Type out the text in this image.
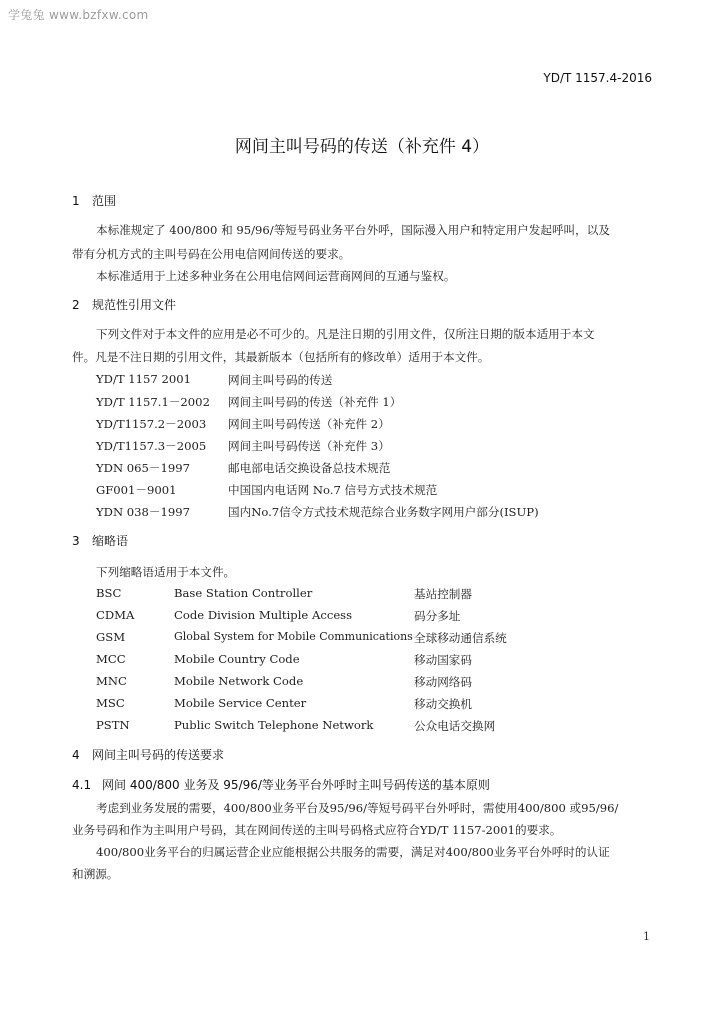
学兔兔 www.bzfxw.com
YD/T 1157.4-2016
网间主叫号码的传送（补充件 4）
1 范围
本标准规定了 400/800 和 95/96/等短号码业务平台外呼，国际漫入用户和特定用户发起呼叫，以及
带有分机方式的主叫号码在公用电信网间传送的要求。
本标准适用于上述多种业务在公用电信网间运营商网间的互通与鉴权。
2 规范性引用文件
下列文件对于本文件的应用是必不可少的。凡是注日期的引用文件，仅所注日期的版本适用于本文
件。凡是不注日期的引用文件，其最新版本（包括所有的修改单）适用于本文件。
YD/T 1157 2001	网间主叫号码的传送
YD/T 1157.1－2002 网间主叫号码的传送（补充件 1）
YD/T1157.2－2003 网间主叫号码传送（补充件 2）
YD/T1157.3－2005 网间主叫号码传送（补充件 3）
YDN 065－1997	邮电部电话交换设备总技术规范
GF001－9001	中国国内电话网 No.7 信号方式技术规范
YDN 038－1997	国内No.7信令方式技术规范综合业务数字网用户部分(ISUP)
3 缩略语
下列缩略语适用于本文件。
BSC	Base Station Controller	基站控制器
CDMA	Code Division Multiple Access	码分多址
GSM	Global System for Mobile Communications 全球移动通信系统
MCC	Mobile Country Code	移动国家码
MNC	Mobile Network Code	移动网络码
MSC	Mobile Service Center	移动交换机
PSTN	Public Switch Telephone Network	公众电话交换网
4 网间主叫号码的传送要求
4.1 网间 400/800 业务及 95/96/等业务平台外呼时主叫号码传送的基本原则
考虑到业务发展的需要，400/800业务平台及95/96/等短号码平台外呼时，需使用400/800 或95/96/
业务号码和作为主叫用户号码，其在网间传送的主叫号码格式应符合YD/T 1157-2001的要求。
400/800业务平台的归属运营企业应能根据公共服务的需要，满足对400/800业务平台外呼时的认证
和溯源。
1
